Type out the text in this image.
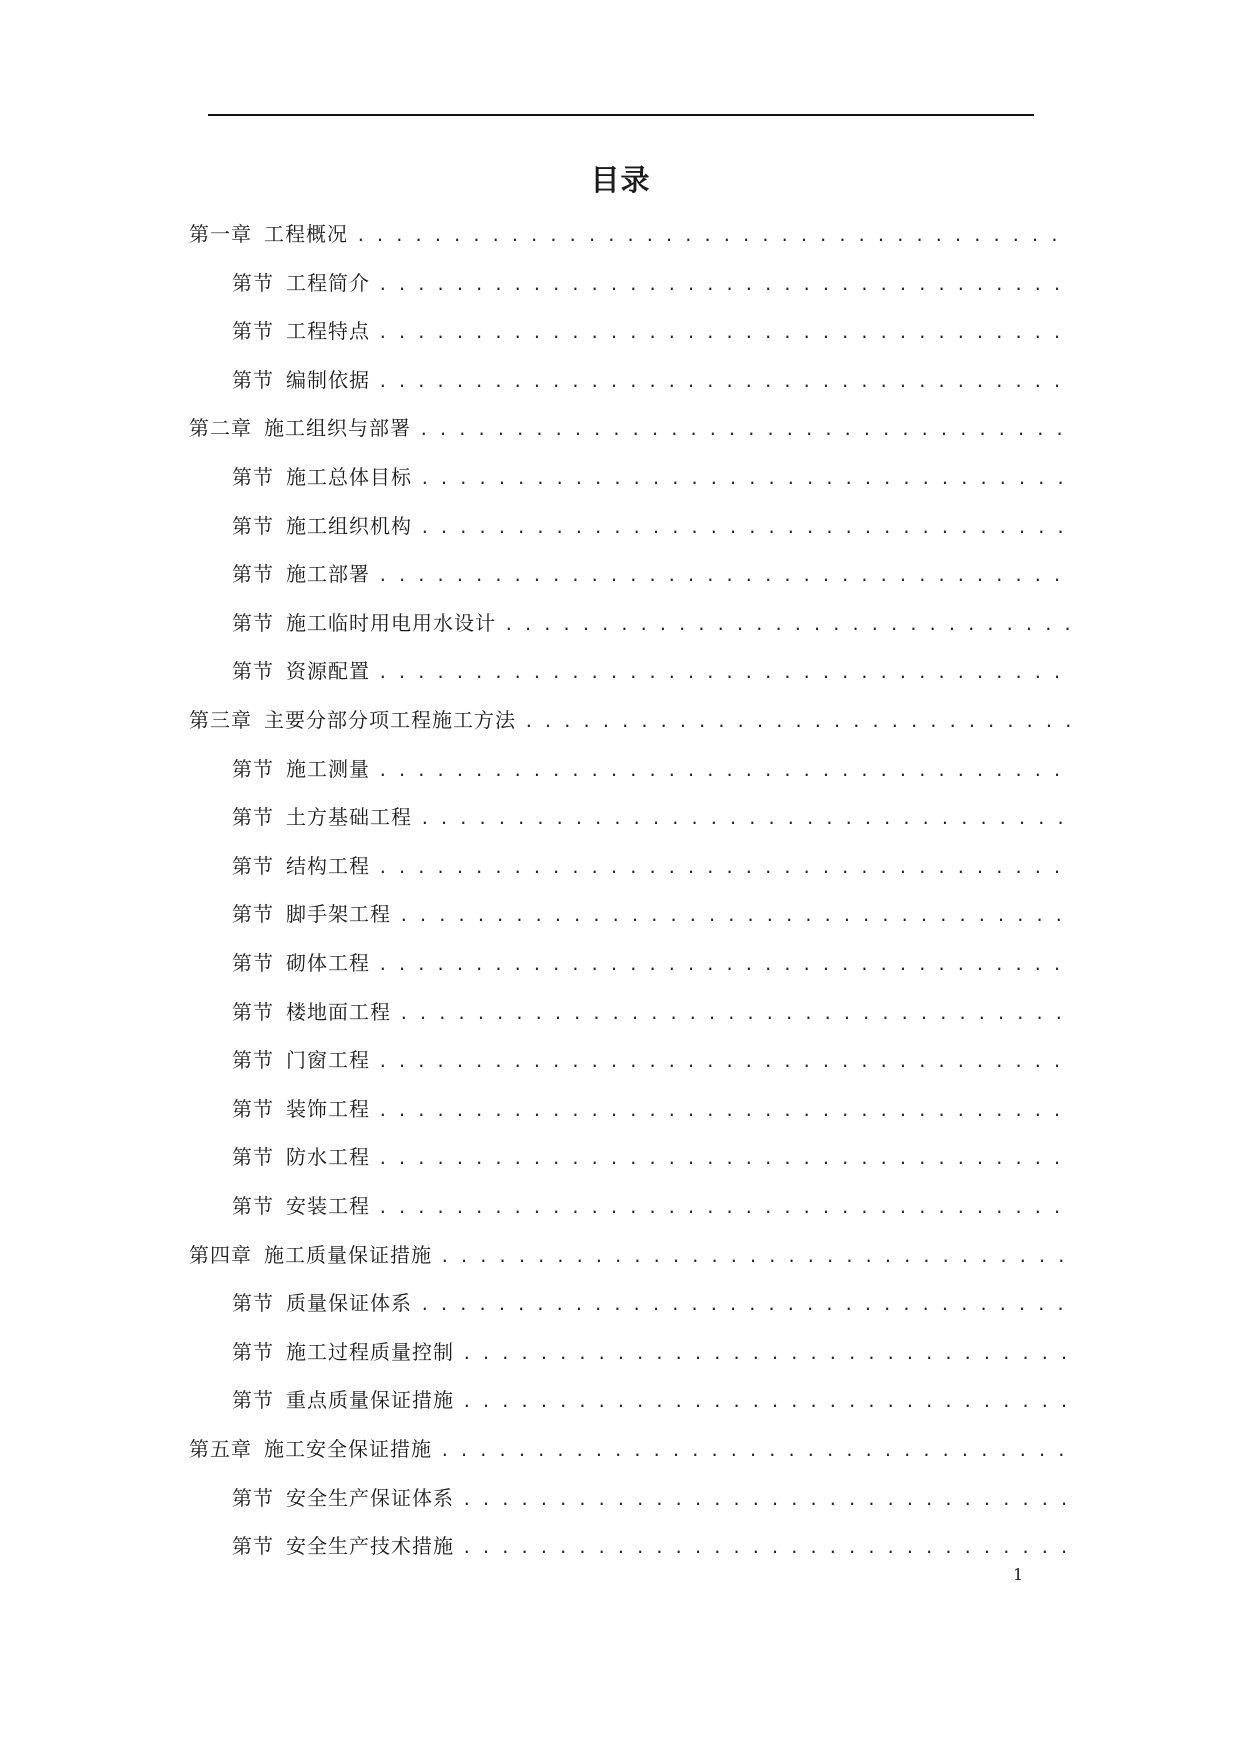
目录
第一章 工程概况
. . .
第节 工程简介
. . .
第节 工程特点
. . .
第节 编制依据
. . .
第二章 施工组织与部署
. . .
第节 施工总体目标
. . .
第节 施工组织机构
. . .
第节 施工部署
. . .
第节 施工临时用电用水设计
. . .
第节 资源配置
. . .
第三章 主要分部分项工程施工方法
. . .
第节 施工测量
. . .
第节 土方基础工程
. . .
第节 结构工程
. . .
第节 脚手架工程
. . .
第节 砌体工程
. . .
第节 楼地面工程
. . .
第节 门窗工程
. . .
第节 装饰工程
. . .
第节 防水工程
. . .
第节 安装工程
. . .
第四章 施工质量保证措施
. . .
第节 质量保证体系
. . .
第节 施工过程质量控制
. . .
第节 重点质量保证措施
. . .
第五章 施工安全保证措施
. . .
第节 安全生产保证体系
. . .
第节 安全生产技术措施
. . .
1
